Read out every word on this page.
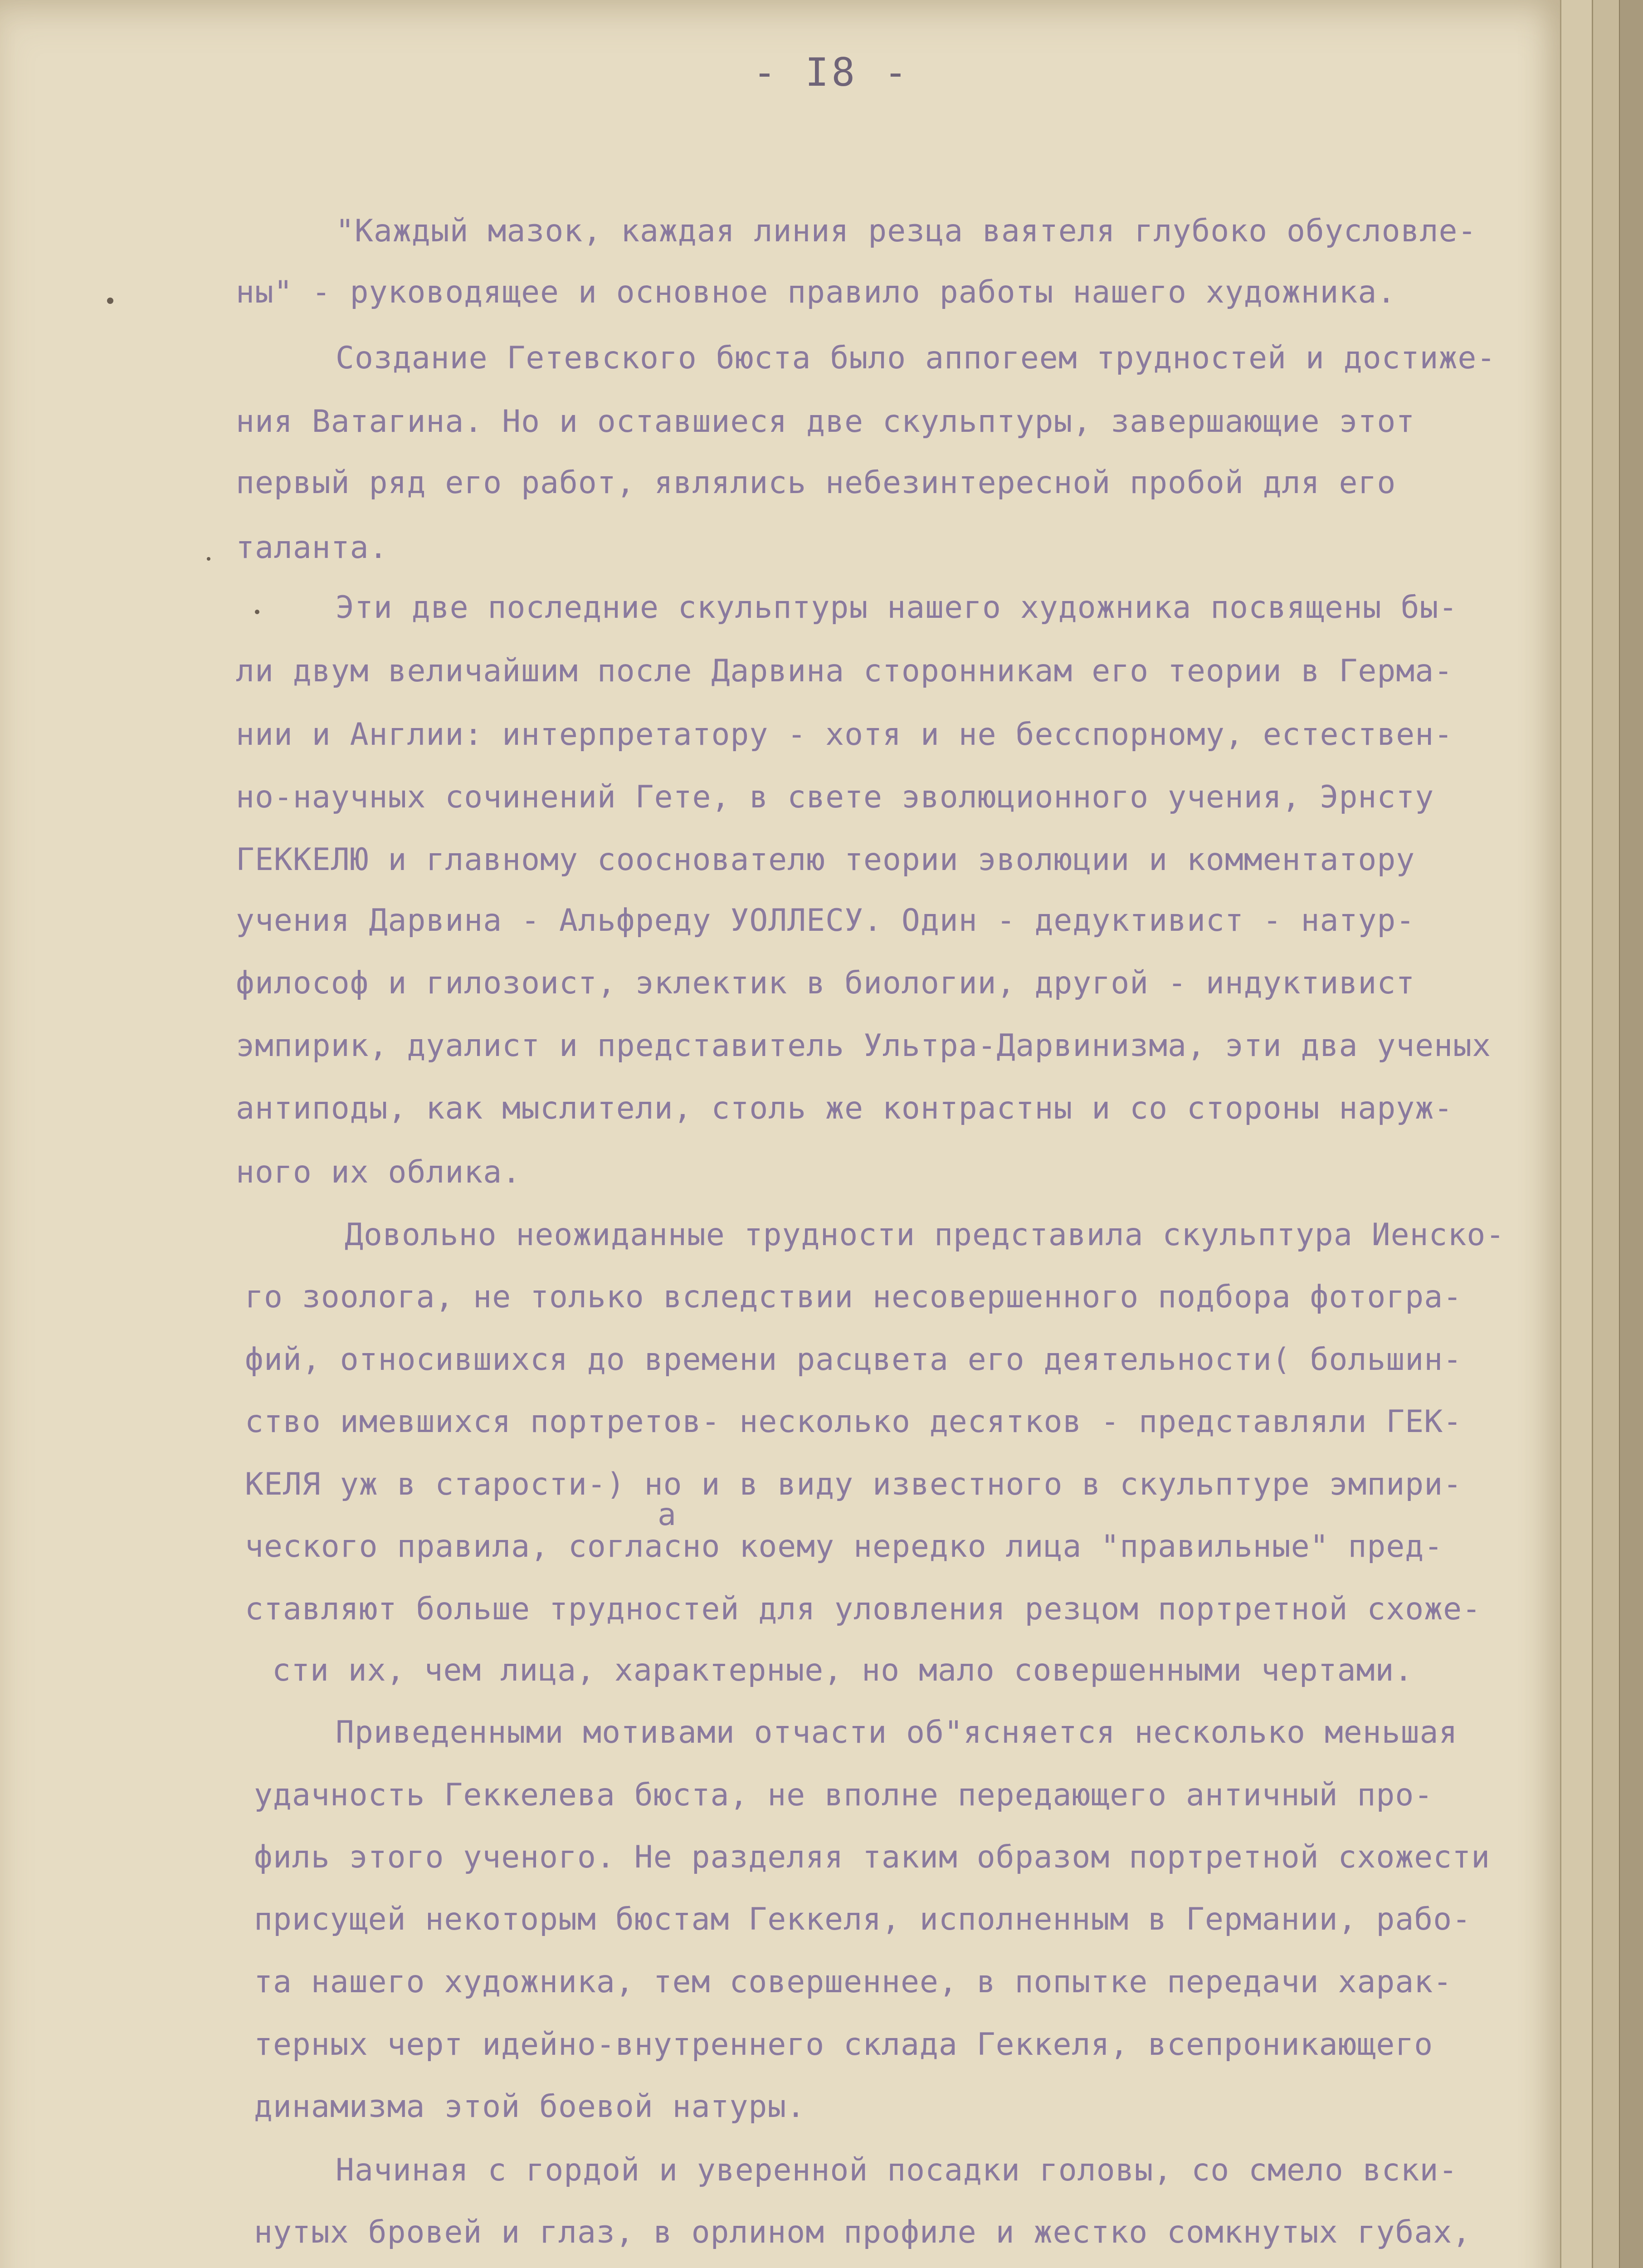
- I8 -
"Каждый мазок, каждая линия резца ваятеля глубоко обусловле-
ны" - руководящее и основное правило работы нашего художника.
Создание Гетевского бюста было аппогеем трудностей и достиже-
ния Ватагина. Но и оставшиеся две скульптуры, завершающие этот
первый ряд его работ, являлись небезинтересной пробой для его
таланта.
Эти две последние скульптуры нашего художника посвящены бы-
ли двум величайшим после Дарвина сторонникам его теории в Герма-
нии и Англии: интерпретатору - хотя и не бесспорному, естествен-
но-научных сочинений Гете, в свете эволюционного учения, Эрнсту
ГЕККЕЛЮ и главному сооснователю теории эволюции и комментатору
учения Дарвина - Альфреду УОЛЛЕСУ. Один - дедуктивист - натур-
философ и гилозоист, эклектик в биологии, другой - индуктивист
эмпирик, дуалист и представитель Ультра-Дарвинизма, эти два ученых
антиподы, как мыслители, столь же контрастны и со стороны наруж-
ного их облика.
Довольно неожиданные трудности представила скульптура Иенско-
го зоолога, не только вследствии несовершенного подбора фотогра-
фий, относившихся до времени расцвета его деятельности( большин-
ство имевшихся портретов- несколько десятков - представляли ГЕК-
КЕЛЯ уж в старости-) но и в виду известного в скульптуре эмпири-
а
ческого правила, согласно коему нередко лица "правильные" пред-
ставляют больше трудностей для уловления резцом портретной схоже-
сти их, чем лица, характерные, но мало совершенными чертами.
Приведенными мотивами отчасти об"ясняется несколько меньшая
удачность Геккелева бюста, не вполне передающего античный про-
филь этого ученого. Не разделяя таким образом портретной схожести
присущей некоторым бюстам Геккеля, исполненным в Германии, рабо-
та нашего художника, тем совершеннее, в попытке передачи харак-
терных черт идейно-внутреннего склада Геккеля, всепроникающего
динамизма этой боевой натуры.
Начиная с гордой и уверенной посадки головы, со смело вски-
нутых бровей и глаз, в орлином профиле и жестко сомкнутых губах,
